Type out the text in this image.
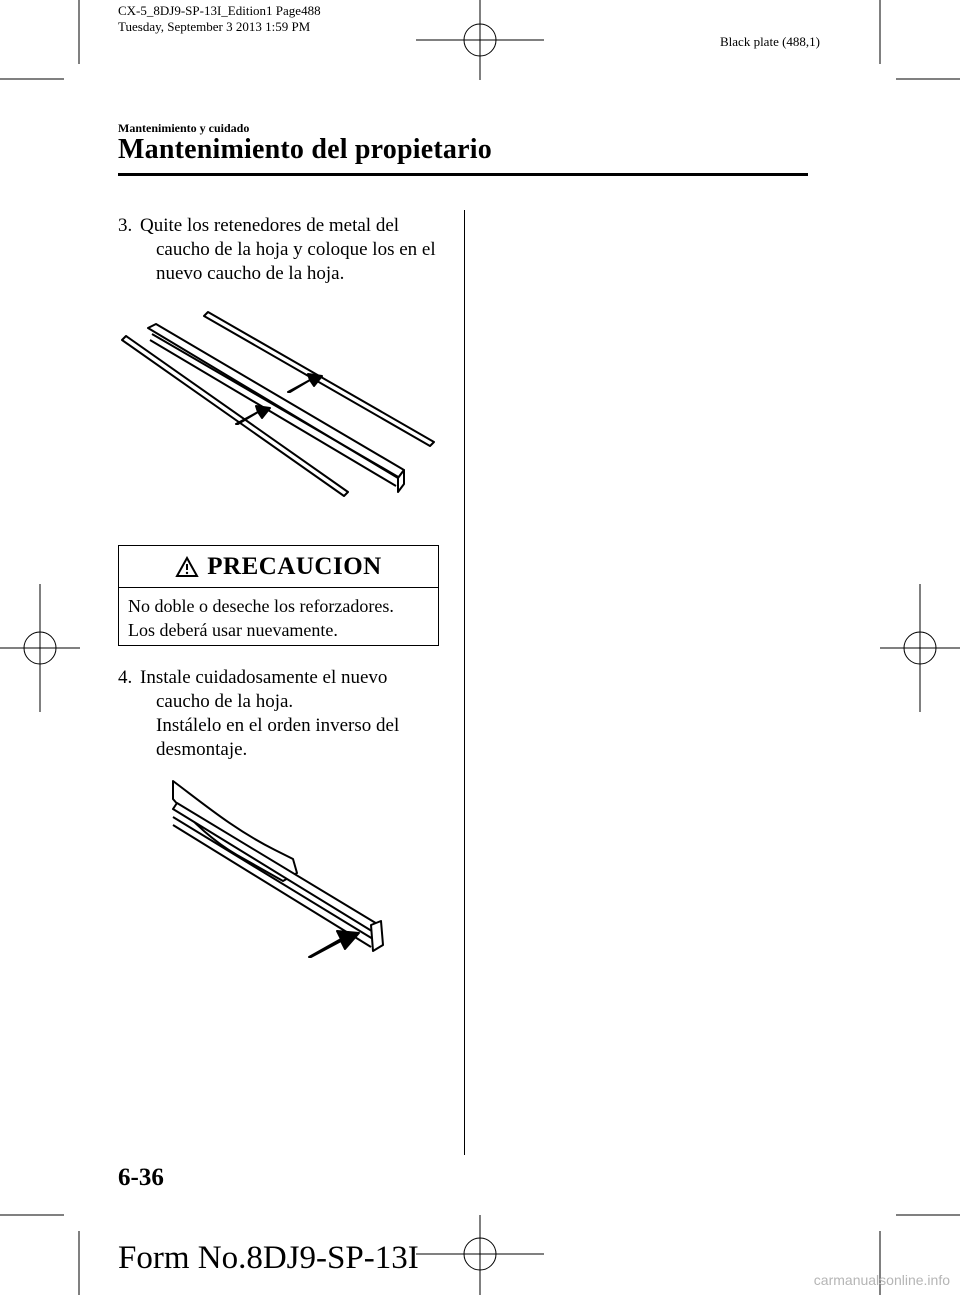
CX-5_8DJ9-SP-13I_Edition1 Page488
Tuesday, September 3 2013 1:59 PM
Black plate (488,1)
Mantenimiento y cuidado
Mantenimiento del propietario
3. Quite los retenedores de metal del
caucho de la hoja y coloque los en el
nuevo caucho de la hoja.
PRECAUCION
No doble o deseche los reforzadores.
Los deberá usar nuevamente.
4. Instale cuidadosamente el nuevo
caucho de la hoja.
Instálelo en el orden inverso del
desmontaje.
6-36
Form No.8DJ9-SP-13I
carmanualsonline.info
